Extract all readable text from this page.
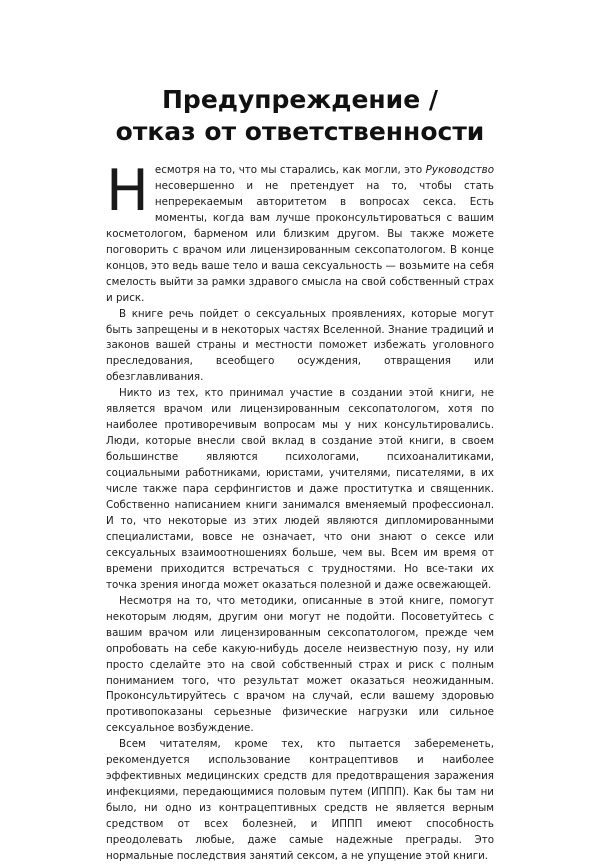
Предупреждение /
отказ от ответственности

Несмотря на то, что мы старались, как могли, это Руководство несовершенно и не претендует на то, чтобы стать непререкаемым авторитетом в вопросах секса. Есть моменты, когда вам лучше проконсультироваться с вашим косметологом, барменом или близким другом. Вы также можете поговорить с врачом или лицензированным сексопатологом. В конце концов, это ведь ваше тело и ваша сексуальность — возьмите на себя смелость выйти за рамки здравого смысла на свой собственный страх и риск.

В книге речь пойдет о сексуальных проявлениях, которые могут быть запрещены и в некоторых частях Вселенной. Знание традиций и законов вашей страны и местности поможет избежать уголовного преследования, всеобщего осуждения, отвращения или обезглавливания.

Никто из тех, кто принимал участие в создании этой книги, не является врачом или лицензированным сексопатологом, хотя по наиболее противоречивым вопросам мы у них консультировались. Люди, которые внесли свой вклад в создание этой книги, в своем большинстве являются психологами, психоаналитиками, социальными работниками, юристами, учителями, писателями, в их числе также пара серфингистов и даже проститутка и священник. Собственно написанием книги занимался вменяемый профессионал. И то, что некоторые из этих людей являются дипломированными специалистами, вовсе не означает, что они знают о сексе или сексуальных взаимоотношениях больше, чем вы. Всем им время от времени приходится встречаться с трудностями. Но все-таки их точка зрения иногда может оказаться полезной и даже освежающей.

Несмотря на то, что методики, описанные в этой книге, помогут некоторым людям, другим они могут не подойти. Посоветуйтесь с вашим врачом или лицензированным сексопатологом, прежде чем опробовать на себе какую-нибудь доселе неизвестную позу, ну или просто сделайте это на свой собственный страх и риск с полным пониманием того, что результат может оказаться неожиданным. Проконсультируйтесь с врачом на случай, если вашему здоровью противопоказаны серьезные физические нагрузки или сильное сексуальное возбуждение.

Всем читателям, кроме тех, кто пытается забеременеть, рекомендуется использование контрацептивов и наиболее эффективных медицинских средств для предотвращения заражения инфекциями, передающимися половым путем (ИППП). Как бы там ни было, ни одно из контрацептивных средств не является верным средством от всех болезней, и ИППП имеют способность преодолевать любые, даже самые надежные преграды. Это нормальные последствия занятий сексом, а не упущение этой книги.
